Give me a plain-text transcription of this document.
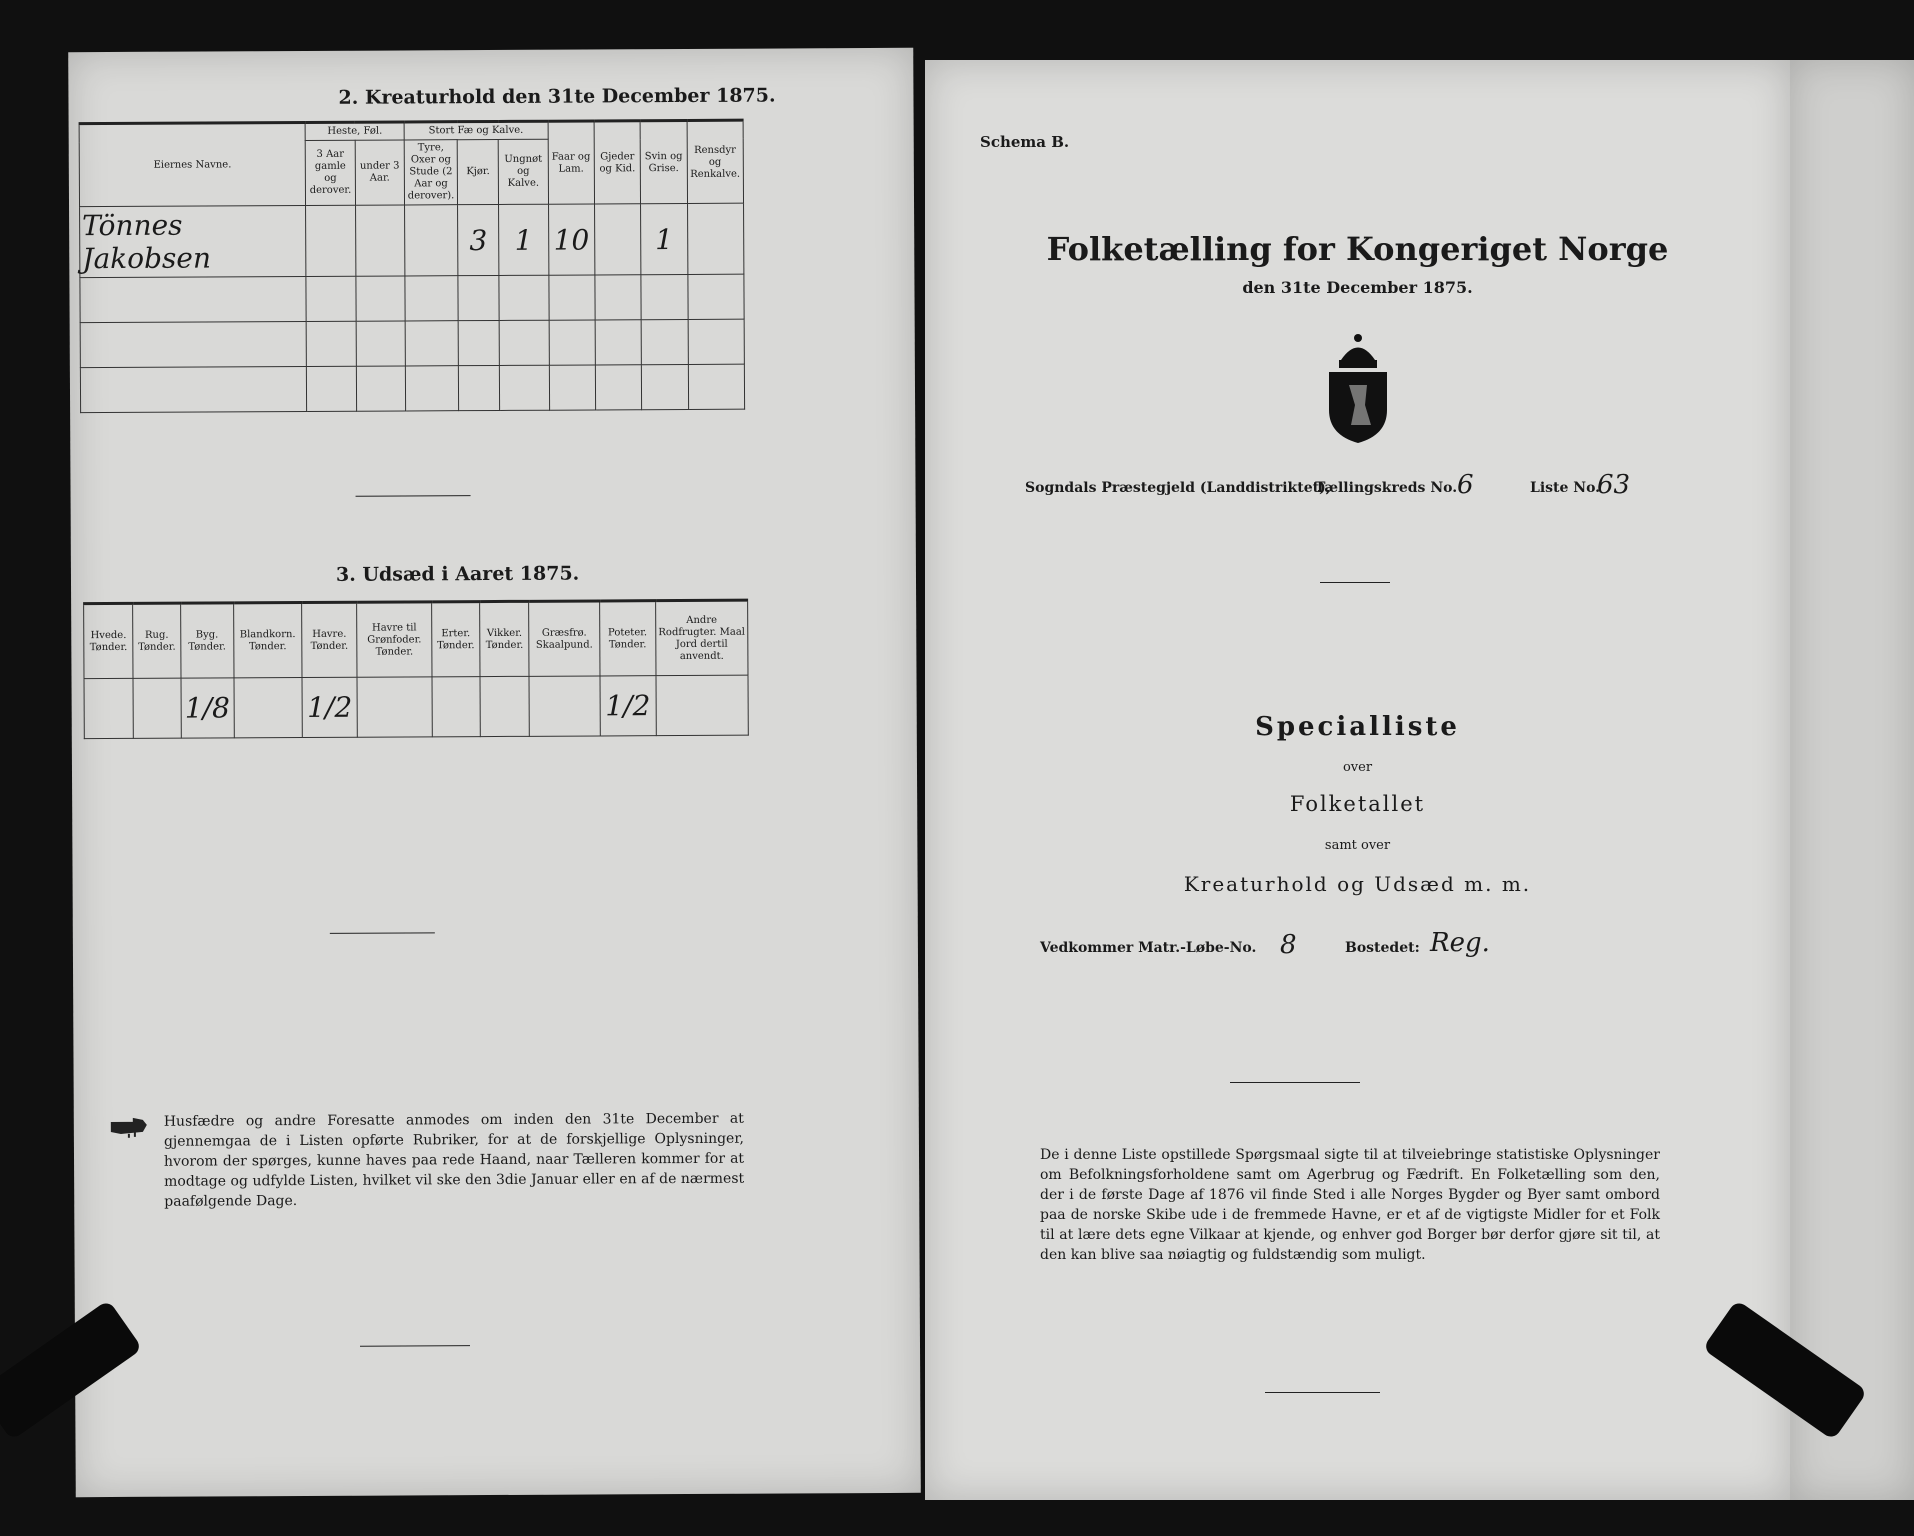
2. Kreaturhold den 31te December 1875.
Eiernes Navne.	Heste, Føl.		Stort Fæ og Kalve.			Faar og Lam.	Gjeder og Kid.	Svin og Grise.	Rensdyr og Renkalve.
	3 Aar gamle og derover.	under 3 Aar.	Tyre, Oxer og Stude (2 Aar og derover).	Kjør.	Ungnøt og Kalve.				
Tönnes Jakobsen				3	1	10		1	

3. Udsæd i Aaret 1875.
Hvede. Tønder.	Rug. Tønder.	Byg. Tønder.	Blandkorn. Tønder.	Havre. Tønder.	Havre til Grønfoder. Tønder.	Erter. Tønder.	Vikker. Tønder.	Græsfrø. Skaalpund.	Poteter. Tønder.	Andre Rodfrugter. Maal Jord dertil anvendt.
		1/8		1/2					1/2	
Husfædre og andre Foresatte anmodes om inden den 31te December at gjennemgaa de i Listen opførte Rubriker, for at de forskjellige Oplysninger, hvorom der spørges, kunne haves paa rede Haand, naar Tælleren kommer for at modtage og udfylde Listen, hvilket vil ske den 3die Januar eller en af de nærmest paafølgende Dage.
Schema B.
Folketælling for Kongeriget Norge
den 31te December 1875.
Sogndals Præstegjeld (Landdistriktet),
Tællingskreds No. 6	Liste No.
63
Specialliste
over
Folketallet
samt over
Kreaturhold og Udsæd m. m.
Vedkommer Matr.-Løbe-No. 8	Bostedet: Reg.
De i denne Liste opstillede Spørgsmaal sigte til at tilveiebringe statistiske Oplysninger om Befolkningsforholdene samt om Agerbrug og Fædrift. En Folketælling som den, der i de første Dage af 1876 vil finde Sted i alle Norges Bygder og Byer samt ombord paa de norske Skibe ude i de fremmede Havne, er et af de vigtigste Midler for et Folk til at lære dets egne Vilkaar at kjende, og enhver god Borger bør derfor gjøre sit til, at den kan blive saa nøiagtig og fuldstændig som muligt.
